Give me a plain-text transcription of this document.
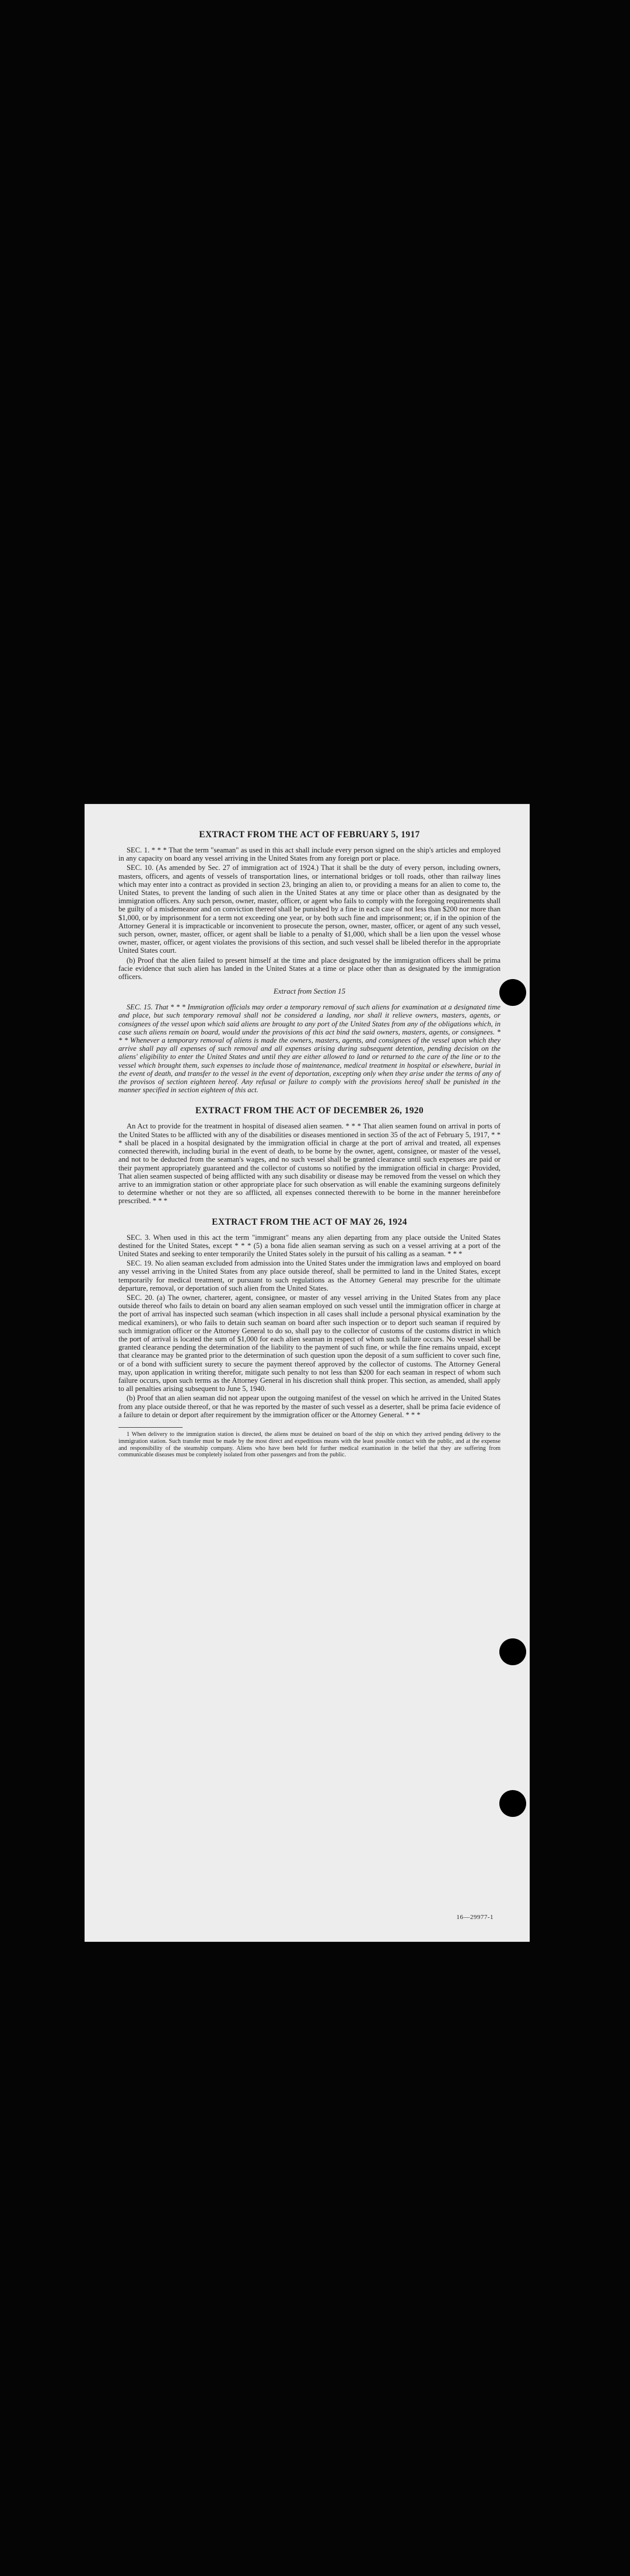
EXTRACT FROM THE ACT OF FEBRUARY 5, 1917

SEC. 1. * * * That the term "seaman" as used in this act shall include every person signed on the ship's articles and employed in any capacity on board any vessel arriving in the United States from any foreign port or place.

SEC. 10. (As amended by Sec. 27 of immigration act of 1924.) That it shall be the duty of every person, including owners, masters, officers, and agents of vessels of transportation lines, or international bridges or toll roads, other than railway lines which may enter into a contract as provided in section 23, bringing an alien to, or providing a means for an alien to come to, the United States, to prevent the landing of such alien in the United States at any time or place other than as designated by the immigration officers. Any such person, owner, master, officer, or agent who fails to comply with the foregoing requirements shall be guilty of a misdemeanor and on conviction thereof shall be punished by a fine in each case of not less than $200 nor more than $1,000, or by imprisonment for a term not exceeding one year, or by both such fine and imprisonment; or, if in the opinion of the Attorney General it is impracticable or inconvenient to prosecute the person, owner, master, officer, or agent of any such vessel, such person, owner, master, officer, or agent shall be liable to a penalty of $1,000, which shall be a lien upon the vessel whose owner, master, officer, or agent violates the provisions of this section, and such vessel shall be libeled therefor in the appropriate United States court.

(b) Proof that the alien failed to present himself at the time and place designated by the immigration officers shall be prima facie evidence that such alien has landed in the United States at a time or place other than as designated by the immigration officers.

Extract from Section 15

SEC. 15. That * * * Immigration officials may order a temporary removal of such aliens for examination at a designated time and place, but such temporary removal shall not be considered a landing, nor shall it relieve owners, masters, agents, or consignees of the vessel upon which said aliens are brought to any port of the United States from any of the obligations which, in case such aliens remain on board, would under the provisions of this act bind the said owners, masters, agents, or consignees. * * * Whenever a temporary removal of aliens is made the owners, masters, agents, and consignees of the vessel upon which they arrive shall pay all expenses of such removal and all expenses arising during subsequent detention, pending decision on the aliens' eligibility to enter the United States and until they are either allowed to land or returned to the care of the line or to the vessel which brought them, such expenses to include those of maintenance, medical treatment in hospital or elsewhere, burial in the event of death, and transfer to the vessel in the event of deportation, excepting only when they arise under the terms of any of the provisos of section eighteen hereof. Any refusal or failure to comply with the provisions hereof shall be punished in the manner specified in section eighteen of this act.

EXTRACT FROM THE ACT OF DECEMBER 26, 1920

An Act to provide for the treatment in hospital of diseased alien seamen. * * * That alien seamen found on arrival in ports of the United States to be afflicted with any of the disabilities or diseases mentioned in section 35 of the act of February 5, 1917, * * * shall be placed in a hospital designated by the immigration official in charge at the port of arrival and treated, all expenses connected therewith, including burial in the event of death, to be borne by the owner, agent, consignee, or master of the vessel, and not to be deducted from the seaman's wages, and no such vessel shall be granted clearance until such expenses are paid or their payment appropriately guaranteed and the collector of customs so notified by the immigration official in charge: Provided, That alien seamen suspected of being afflicted with any such disability or disease may be removed from the vessel on which they arrive to an immigration station or other appropriate place for such observation as will enable the examining surgeons definitely to determine whether or not they are so afflicted, all expenses connected therewith to be borne in the manner hereinbefore prescribed. * * *

EXTRACT FROM THE ACT OF MAY 26, 1924

SEC. 3. When used in this act the term "immigrant" means any alien departing from any place outside the United States destined for the United States, except * * * (5) a bona fide alien seaman serving as such on a vessel arriving at a port of the United States and seeking to enter temporarily the United States solely in the pursuit of his calling as a seaman. * * *

SEC. 19. No alien seaman excluded from admission into the United States under the immigration laws and employed on board any vessel arriving in the United States from any place outside thereof, shall be permitted to land in the United States, except temporarily for medical treatment, or pursuant to such regulations as the Attorney General may prescribe for the ultimate departure, removal, or deportation of such alien from the United States.

SEC. 20. (a) The owner, charterer, agent, consignee, or master of any vessel arriving in the United States from any place outside thereof who fails to detain on board any alien seaman employed on such vessel until the immigration officer in charge at the port of arrival has inspected such seaman (which inspection in all cases shall include a personal physical examination by the medical examiners), or who fails to detain such seaman on board after such inspection or to deport such seaman if required by such immigration officer or the Attorney General to do so, shall pay to the collector of customs of the customs district in which the port of arrival is located the sum of $1,000 for each alien seaman in respect of whom such failure occurs. No vessel shall be granted clearance pending the determination of the liability to the payment of such fine, or while the fine remains unpaid, except that clearance may be granted prior to the determination of such question upon the deposit of a sum sufficient to cover such fine, or of a bond with sufficient surety to secure the payment thereof approved by the collector of customs. The Attorney General may, upon application in writing therefor, mitigate such penalty to not less than $200 for each seaman in respect of whom such failure occurs, upon such terms as the Attorney General in his discretion shall think proper. This section, as amended, shall apply to all penalties arising subsequent to June 5, 1940.

(b) Proof that an alien seaman did not appear upon the outgoing manifest of the vessel on which he arrived in the United States from any place outside thereof, or that he was reported by the master of such vessel as a deserter, shall be prima facie evidence of a failure to detain or deport after requirement by the immigration officer or the Attorney General. * * *

1 When delivery to the immigration station is directed, the aliens must be detained on board of the ship on which they arrived pending delivery to the immigration station. Such transfer must be made by the most direct and expeditious means with the least possible contact with the public, and at the expense and responsibility of the steamship company. Aliens who have been held for further medical examination in the belief that they are suffering from communicable diseases must be completely isolated from other passengers and from the public.

16—29977-1
